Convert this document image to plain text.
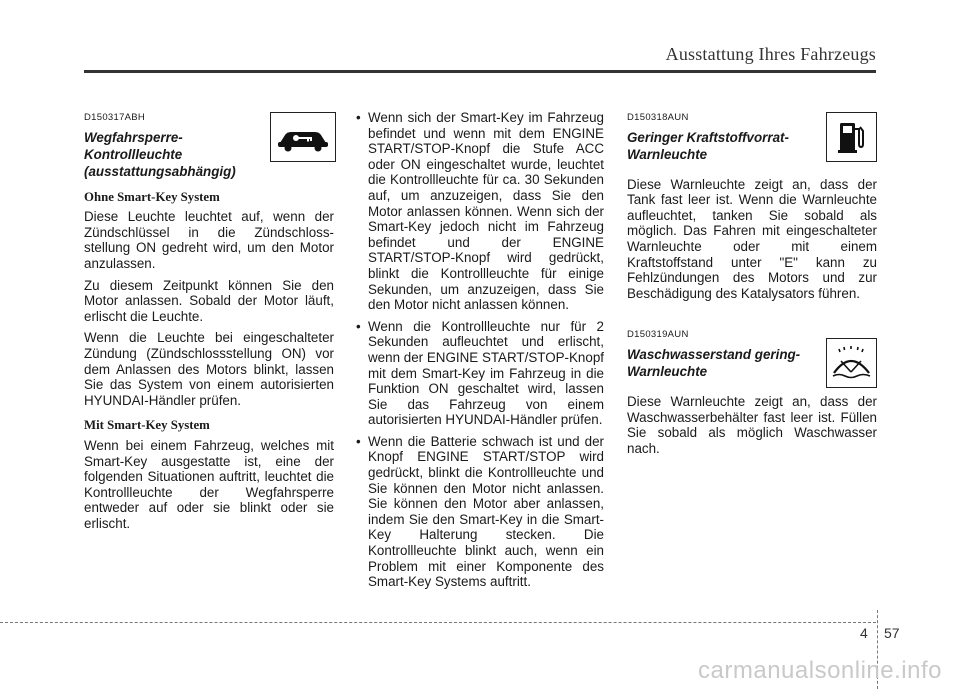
Ausstattung Ihres Fahrzeugs
D150317ABH
Wegfahrsperre-
Kontrollleuchte
(ausstattungsabhängig)
Ohne Smart-Key System

Diese Leuchte leuchtet auf, wenn der Zündschlüssel in die Zündschloss-stellung ON gedreht wird, um den Motor anzulassen.

Zu diesem Zeitpunkt können Sie den Motor anlassen. Sobald der Motor läuft, erlischt die Leuchte.

Wenn die Leuchte bei eingeschalteter Zündung (Zündschlossstellung ON) vor dem Anlassen des Motors blinkt, lassen Sie das System von einem autorisierten HYUNDAI-Händler prüfen.

Mit Smart-Key System

Wenn bei einem Fahrzeug, welches mit Smart-Key ausgestatte ist, eine der folgenden Situationen auftritt, leuchtet die Kontrollleuchte der Wegfahrsperre entweder auf oder sie blinkt oder sie erlischt.

• Wenn sich der Smart-Key im Fahrzeug befindet und wenn mit dem ENGINE START/STOP-Knopf die Stufe ACC oder ON eingeschaltet wurde, leuchtet die Kontrollleuchte für ca. 30 Sekunden auf, um anzuzeigen, dass Sie den Motor anlassen können. Wenn sich der Smart-Key jedoch nicht im Fahrzeug befindet und der ENGINE START/STOP-Knopf wird gedrückt, blinkt die Kontrollleuchte für einige Sekunden, um anzuzeigen, dass Sie den Motor nicht anlassen können.

• Wenn die Kontrollleuchte nur für 2 Sekunden aufleuchtet und erlischt, wenn der ENGINE START/STOP-Knopf mit dem Smart-Key im Fahrzeug in die Funktion ON geschaltet wird, lassen Sie das Fahrzeug von einem autorisierten HYUNDAI-Händler prüfen.

• Wenn die Batterie schwach ist und der Knopf ENGINE START/STOP wird gedrückt, blinkt die Kontrollleuchte und Sie können den Motor nicht anlassen. Sie können den Motor aber anlassen, indem Sie den Smart-Key in die Smart-Key Halterung stecken. Die Kontrollleuchte blinkt auch, wenn ein Problem mit einer Komponente des Smart-Key Systems auftritt.

D150318AUN
Geringer Kraftstoffvorrat-
Warnleuchte

Diese Warnleuchte zeigt an, dass der Tank fast leer ist. Wenn die Warnleuchte aufleuchtet, tanken Sie sobald als möglich. Das Fahren mit eingeschalteter Warnleuchte oder mit einem Kraftstoffstand unter "E" kann zu Fehlzündungen des Motors und zur Beschädigung des Katalysators führen.

D150319AUN
Waschwasserstand gering-
Warnleuchte

Diese Warnleuchte zeigt an, dass der Waschwasserbehälter fast leer ist. Füllen Sie sobald als möglich Waschwasser nach.

4 57
carmanualsonline.info
